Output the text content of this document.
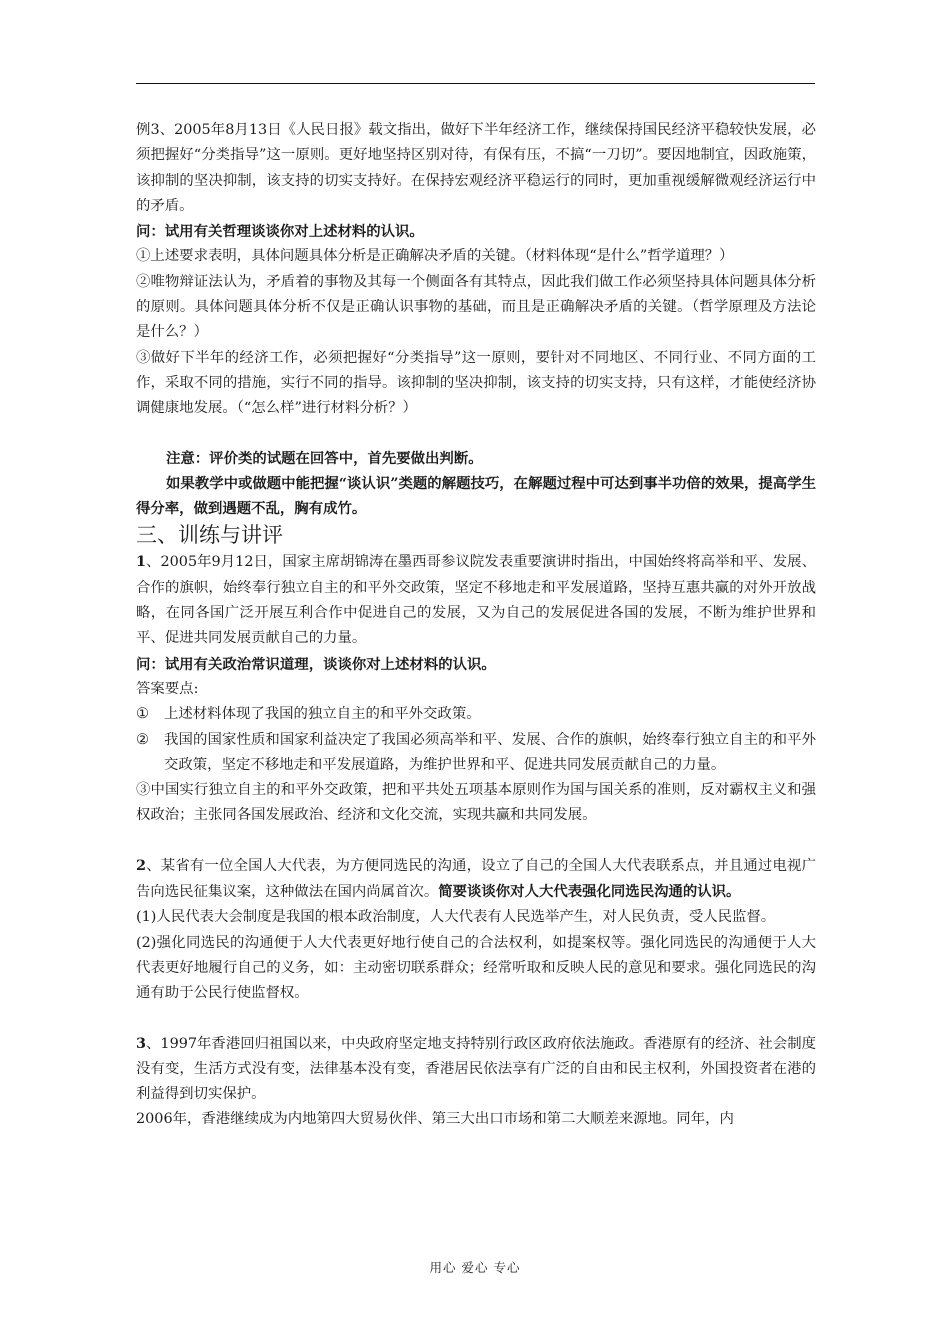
例3、2005年8月13日《人民日报》载文指出，做好下半年经济工作，继续保持国民经济平稳较快发展，必须把握好“分类指导”这一原则。更好地坚持区别对待，有保有压，不搞“一刀切”。要因地制宜，因政施策，该抑制的坚决抑制，该支持的切实支持好。在保持宏观经济平稳运行的同时，更加重视缓解微观经济运行中的矛盾。

问：试用有关哲理谈谈你对上述材料的认识。

①上述要求表明，具体问题具体分析是正确解决矛盾的关键。（材料体现“是什么”哲学道理？）

②唯物辩证法认为，矛盾着的事物及其每一个侧面各有其特点，因此我们做工作必须坚持具体问题具体分析的原则。具体问题具体分析不仅是正确认识事物的基础，而且是正确解决矛盾的关键。（哲学原理及方法论是什么？）

③做好下半年的经济工作，必须把握好“分类指导”这一原则，要针对不同地区、不同行业、不同方面的工作，采取不同的措施，实行不同的指导。该抑制的坚决抑制，该支持的切实支持，只有这样，才能使经济协调健康地发展。（“怎么样”进行材料分析？）

注意：评价类的试题在回答中，首先要做出判断。

如果教学中或做题中能把握“谈认识”类题的解题技巧，在解题过程中可达到事半功倍的效果，提高学生得分率，做到遇题不乱，胸有成竹。

三、训练与讲评

1、2005年9月12日，国家主席胡锦涛在墨西哥参议院发表重要演讲时指出，中国始终将高举和平、发展、合作的旗帜，始终奉行独立自主的和平外交政策，坚定不移地走和平发展道路，坚持互惠共赢的对外开放战略，在同各国广泛开展互利合作中促进自己的发展，又为自己的发展促进各国的发展，不断为维护世界和平、促进共同发展贡献自己的力量。

问：试用有关政治常识道理，谈谈你对上述材料的认识。

答案要点:

①	上述材料体现了我国的独立自主的和平外交政策。
②	我国的国家性质和国家利益决定了我国必须高举和平、发展、合作的旗帜，始终奉行独立自主的和平外交政策，坚定不移地走和平发展道路，为维护世界和平、促进共同发展贡献自己的力量。

③中国实行独立自主的和平外交政策，把和平共处五项基本原则作为国与国关系的准则，反对霸权主义和强权政治；主张同各国发展政治、经济和文化交流，实现共赢和共同发展。

2、某省有一位全国人大代表，为方便同选民的沟通，设立了自己的全国人大代表联系点，并且通过电视广告向选民征集议案，这种做法在国内尚属首次。简要谈谈你对人大代表强化同选民沟通的认识。

(1)人民代表大会制度是我国的根本政治制度，人大代表有人民选举产生，对人民负责，受人民监督。

(2)强化同选民的沟通便于人大代表更好地行使自己的合法权利，如提案权等。强化同选民的沟通便于人大代表更好地履行自己的义务，如：主动密切联系群众；经常听取和反映人民的意见和要求。强化同选民的沟通有助于公民行使监督权。

3、1997年香港回归祖国以来，中央政府坚定地支持特别行政区政府依法施政。香港原有的经济、社会制度没有变，生活方式没有变，法律基本没有变，香港居民依法享有广泛的自由和民主权利，外国投资者在港的利益得到切实保护。

2006年，香港继续成为内地第四大贸易伙伴、第三大出口市场和第二大顺差来源地。同年，内

用心 爱心 专心
